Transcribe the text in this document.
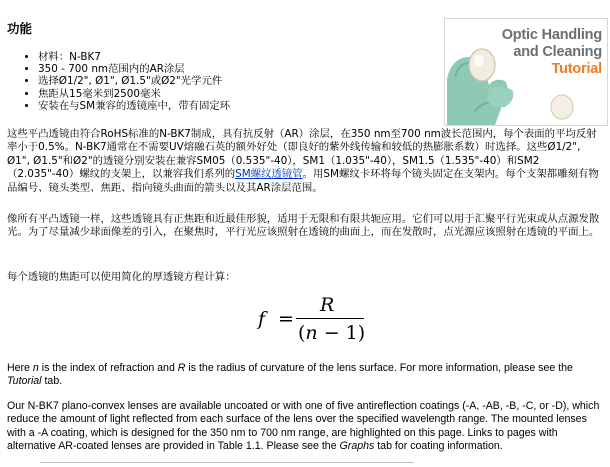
功能
• 材料：N-BK7
• 350 - 700 nm范围内的AR涂层
• 选择Ø1/2", Ø1", Ø1.5"或Ø2"光学元件
• 焦距从15毫米到2500毫米
• 安装在与SM兼容的透镜座中，带有固定环
Optic Handling
and Cleaning
Tutorial

这些平凸透镜由符合RoHS标准的N-BK7制成，具有抗反射（AR）涂层，在350 nm至700 nm波长范围内，每个表面的平均反射率小于0.5%。N-BK7通常在不需要UV熔融石英的额外好处（即良好的紫外线传输和较低的热膨胀系数）时选择。这些Ø1/2", Ø1", Ø1.5"和Ø2"的透镜分别安装在兼容SM05（0.535"-40），SM1（1.035"-40），SM1.5（1.535"-40）和SM2（2.035"-40）螺纹的支架上，以兼容我们系列的SM螺纹透镜管。用SM螺纹卡环将每个镜头固定在支架内。每个支架都雕刻有物品编号、镜头类型、焦距、指向镜头曲面的箭头以及其AR涂层范围。

像所有平凸透镜一样，这些透镜具有正焦距和近最佳形貌，适用于无限和有限共轭应用。它们可以用于汇聚平行光束或从点源发散光。为了尽量减少球面像差的引入，在聚焦时，平行光应该照射在透镜的曲面上，而在发散时，点光源应该照射在透镜的平面上。

每个透镜的焦距可以使用简化的厚透镜方程计算：

f =
R
(n − 1)

Here n is the index of refraction and R is the radius of curvature of the lens surface. For more information, please see the Tutorial tab.

Our N-BK7 plano-convex lenses are available uncoated or with one of five antireflection coatings (-A, -AB, -B, -C, or -D), which reduce the amount of light reflected from each surface of the lens over the specified wavelength range. The mounted lenses with a -A coating, which is designed for the 350 nm to 700 nm range, are highlighted on this page. Links to pages with alternative AR-coated lenses are provided in Table 1.1. Please see the Graphs tab for coating information.
